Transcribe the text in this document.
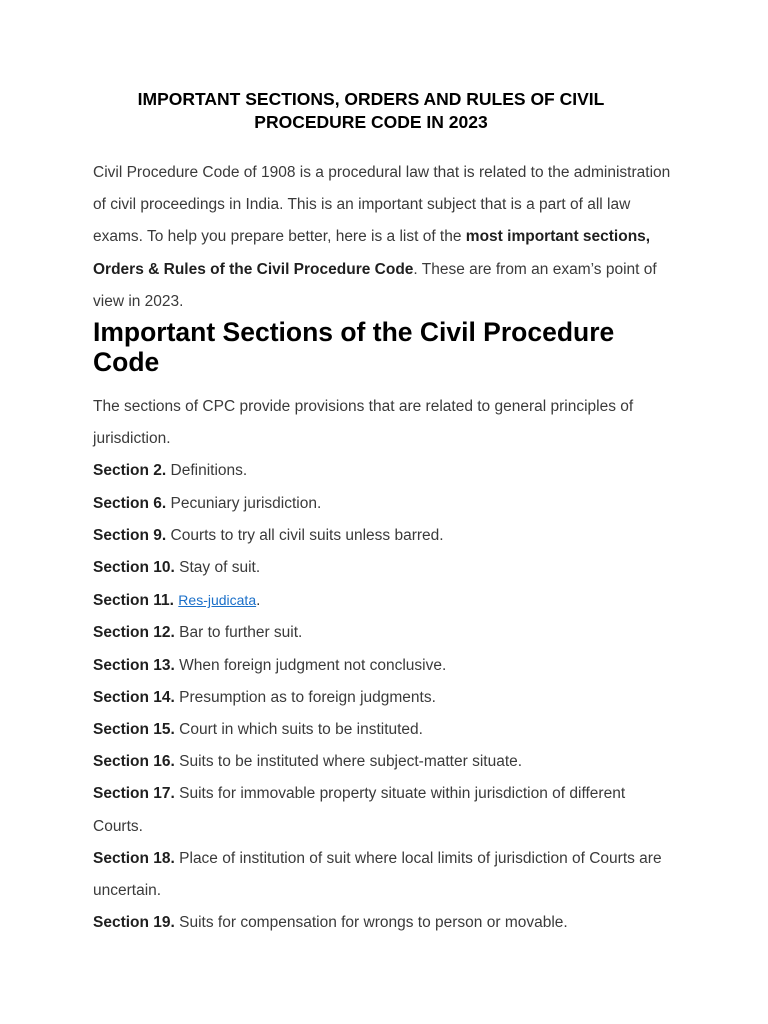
IMPORTANT SECTIONS, ORDERS AND RULES OF CIVIL
PROCEDURE CODE IN 2023
Civil Procedure Code of 1908 is a procedural law that is related to the administration of civil proceedings in India. This is an important subject that is a part of all law exams. To help you prepare better, here is a list of the most important sections, Orders & Rules of the Civil Procedure Code. These are from an exam’s point of view in 2023.
Important Sections of the Civil Procedure Code
The sections of CPC provide provisions that are related to general principles of jurisdiction.
Section 2. Definitions.
Section 6. Pecuniary jurisdiction.
Section 9. Courts to try all civil suits unless barred.
Section 10. Stay of suit.
Section 11. Res-judicata.
Section 12. Bar to further suit.
Section 13. When foreign judgment not conclusive.
Section 14. Presumption as to foreign judgments.
Section 15. Court in which suits to be instituted.
Section 16. Suits to be instituted where subject-matter situate.
Section 17. Suits for immovable property situate within jurisdiction of different Courts.
Section 18. Place of institution of suit where local limits of jurisdiction of Courts are uncertain.
Section 19. Suits for compensation for wrongs to person or movable.
